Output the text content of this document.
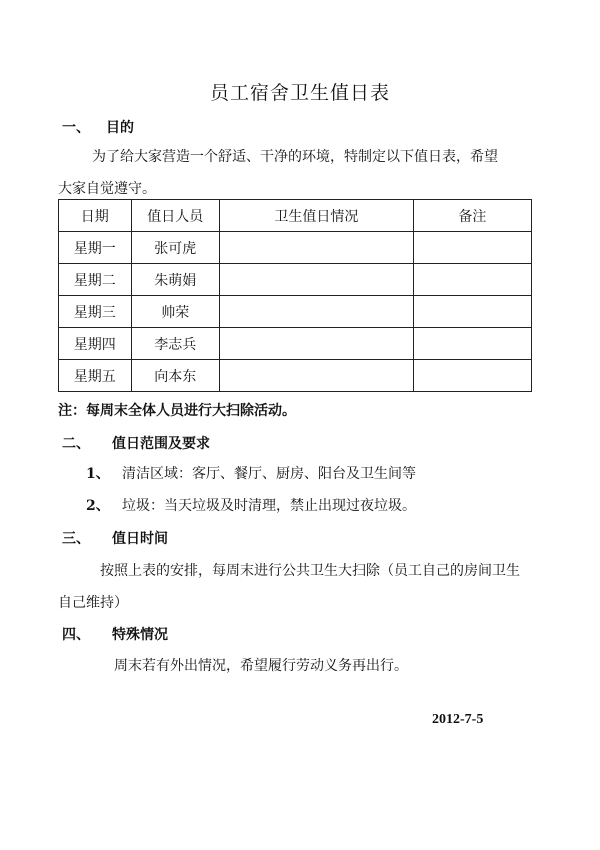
员工宿舍卫生值日表
一、 目的
为了给大家营造一个舒适、干净的环境，特制定以下值日表，希望
大家自觉遵守。
日期	值日人员	卫生值日情况	备注
星期一	张可虎		
星期二	朱萌娟		
星期三	帅荣		
星期四	李志兵		
星期五	向本东		
注：每周末全体人员进行大扫除活动。
二、 值日范围及要求
1、 清洁区域：客厅、餐厅、厨房、阳台及卫生间等
2、 垃圾：当天垃圾及时清理，禁止出现过夜垃圾。
三、 值日时间
按照上表的安排，每周末进行公共卫生大扫除（员工自己的房间卫生
自己维持）
四、 特殊情况
周末若有外出情况，希望履行劳动义务再出行。
2012-7-5
